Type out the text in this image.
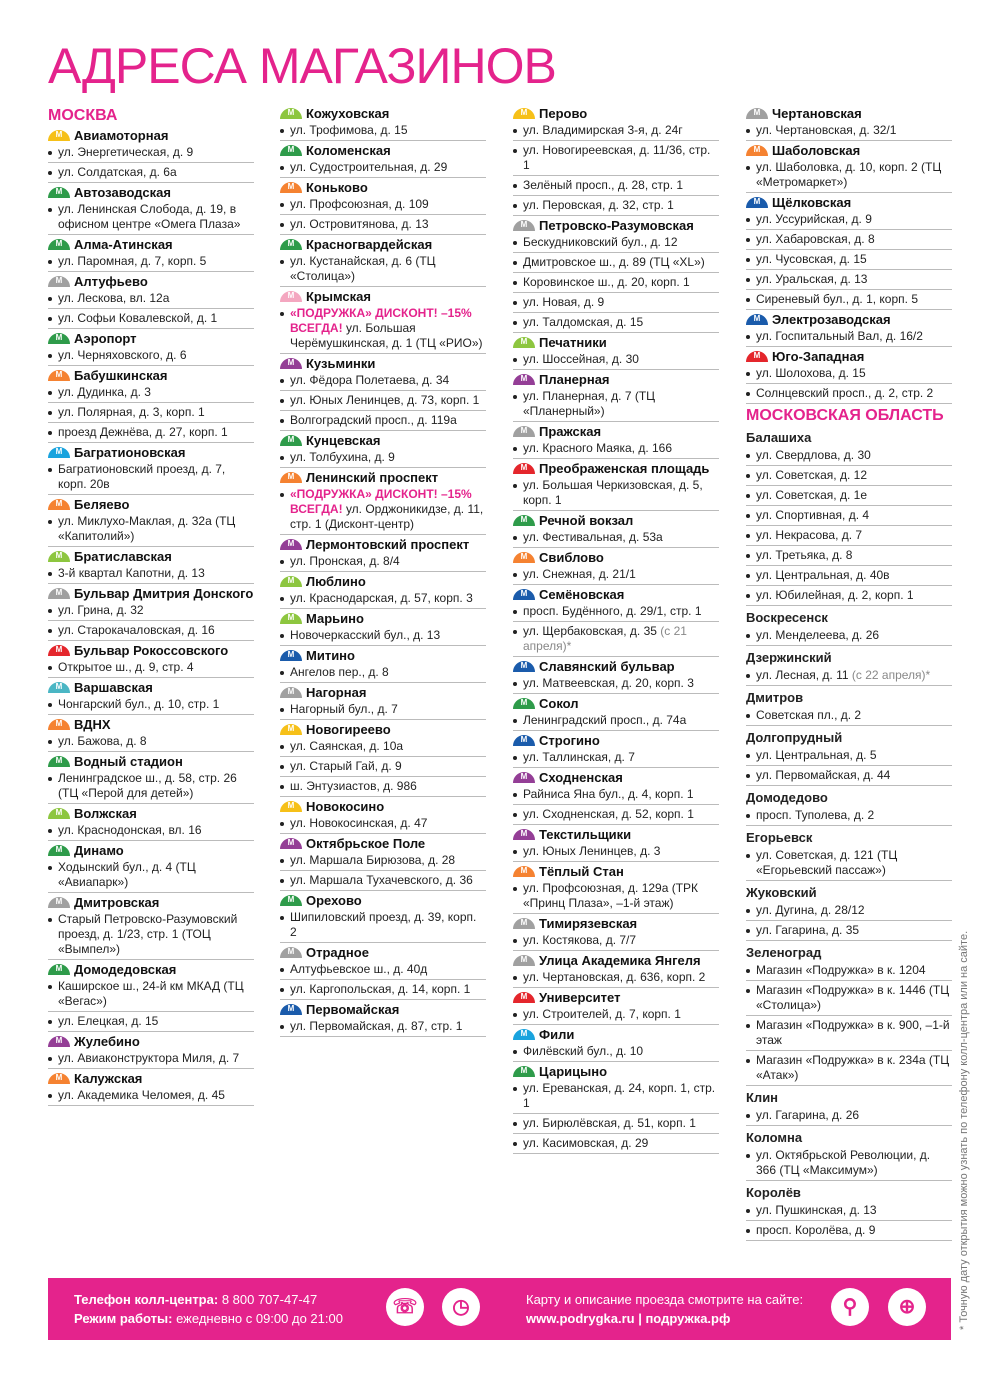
АДРЕСА МАГАЗИНОВ
МОСКВА
M
Авиамоторная
ул. Энергетическая, д. 9
ул. Солдатская, д. 6а
M
Автозаводская
ул. Ленинская Слобода, д. 19, в офисном центре «Омега Плаза»
M
Алма-Атинская
ул. Паромная, д. 7, корп. 5
M
Алтуфьево
ул. Лескова, вл. 12а
ул. Софьи Ковалевской, д. 1
M
Аэропорт
ул. Черняховского, д. 6
M
Бабушкинская
ул. Дудинка, д. 3
ул. Полярная, д. 3, корп. 1
проезд Дежнёва, д. 27, корп. 1
M
Багратионовская
Багратионовский проезд, д. 7, корп. 20в
M
Беляево
ул. Миклухо-Маклая, д. 32а (ТЦ «Капитолий»)
M
Братиславская
3-й квартал Капотни, д. 13
M
Бульвар Дмитрия Донского
ул. Грина, д. 32
ул. Старокачаловская, д. 16
M
Бульвар Рокоссовского
Открытое ш., д. 9, стр. 4
M
Варшавская
Чонгарский бул., д. 10, стр. 1
M
ВДНХ
ул. Бажова, д. 8
M
Водный стадион
Ленинградское ш., д. 58, стр. 26 (ТЦ «Перой для детей»)
M
Волжская
ул. Краснодонская, вл. 16
M
Динамо
Ходынский бул., д. 4 (ТЦ «Авиапарк»)
M
Дмитровская
Старый Петровско-Разумовский проезд, д. 1/23, стр. 1 (ТОЦ «Вымпел»)
M
Домодедовская
Каширское ш., 24-й км МКАД (ТЦ «Вегас»)
ул. Елецкая, д. 15
M
Жулебино
ул. Авиаконструктора Миля, д. 7
M
Калужская
ул. Академика Челомея, д. 45
M
Кожуховская
ул. Трофимова, д. 15
M
Коломенская
ул. Судостроительная, д. 29
M
Коньково
ул. Профсоюзная, д. 109
ул. Островитянова, д. 13
M
Красногвардейская
ул. Кустанайская, д. 6 (ТЦ «Столица»)
M
Крымская
«ПОДРУЖКА» ДИСКОНТ! –15% ВСЕГДА! ул. Большая Черёмушкинская, д. 1 (ТЦ «РИО»)
M
Кузьминки
ул. Фёдора Полетаева, д. 34
ул. Юных Ленинцев, д. 73, корп. 1
Волгоградский просп., д. 119а
M
Кунцевская
ул. Толбухина, д. 9
M
Ленинский проспект
«ПОДРУЖКА» ДИСКОНТ! –15% ВСЕГДА! ул. Орджоникидзе, д. 11, стр. 1 (Дисконт-центр)
M
Лермонтовский проспект
ул. Пронская, д. 8/4
M
Люблино
ул. Краснодарская, д. 57, корп. 3
M
Марьино
Новочеркасский бул., д. 13
M
Митино
Ангелов пер., д. 8
M
Нагорная
Нагорный бул., д. 7
M
Новогиреево
ул. Саянская, д. 10а
ул. Старый Гай, д. 9
ш. Энтузиастов, д. 986
M
Новокосино
ул. Новокосинская, д. 47
M
Октябрьское Поле
ул. Маршала Бирюзова, д. 28
ул. Маршала Тухачевского, д. 36
M
Орехово
Шипиловский проезд, д. 39, корп. 2
M
Отрадное
Алтуфьевское ш., д. 40д
ул. Каргопольская, д. 14, корп. 1
M
Первомайская
ул. Первомайская, д. 87, стр. 1
M
Перово
ул. Владимирская 3-я, д. 24г
ул. Новогиреевская, д. 11/36, стр. 1
Зелёный просп., д. 28, стр. 1
ул. Перовская, д. 32, стр. 1
M
Петровско-Разумовская
Бескудниковский бул., д. 12
Дмитровское ш., д. 89 (ТЦ «XL»)
Коровинское ш., д. 20, корп. 1
ул. Новая, д. 9
ул. Талдомская, д. 15
M
Печатники
ул. Шоссейная, д. 30
M
Планерная
ул. Планерная, д. 7 (ТЦ «Планерный»)
M
Пражская
ул. Красного Маяка, д. 166
M
Преображенская площадь
ул. Большая Черкизовская, д. 5, корп. 1
M
Речной вокзал
ул. Фестивальная, д. 53а
M
Свиблово
ул. Снежная, д. 21/1
M
Семёновская
просп. Будённого, д. 29/1, стр. 1
ул. Щербаковская, д. 35 (с 21 апреля)*
M
Славянский бульвар
ул. Матвеевская, д. 20, корп. 3
M
Сокол
Ленинградский просп., д. 74а
M
Строгино
ул. Таллинская, д. 7
M
Сходненская
Райниса Яна бул., д. 4, корп. 1
ул. Сходненская, д. 52, корп. 1
M
Текстильщики
ул. Юных Ленинцев, д. 3
M
Тёплый Стан
ул. Профсоюзная, д. 129а (ТРК «Принц Плаза», –1-й этаж)
M
Тимирязевская
ул. Костякова, д. 7/7
M
Улица Академика Янгеля
ул. Чертановская, д. 636, корп. 2
M
Университет
ул. Строителей, д. 7, корп. 1
M
Фили
Филёвский бул., д. 10
M
Царицыно
ул. Ереванская, д. 24, корп. 1, стр. 1
ул. Бирюлёвская, д. 51, корп. 1
ул. Касимовская, д. 29
M
Чертановская
ул. Чертановская, д. 32/1
M
Шаболовская
ул. Шаболовка, д. 10, корп. 2 (ТЦ «Метромаркет»)
M
Щёлковская
ул. Уссурийская, д. 9
ул. Хабаровская, д. 8
ул. Чусовская, д. 15
ул. Уральская, д. 13
Сиреневый бул., д. 1, корп. 5
M
Электрозаводская
ул. Госпитальный Вал, д. 16/2
M
Юго-Западная
ул. Шолохова, д. 15
Солнцевский просп., д. 2, стр. 2
МОСКОВСКАЯ ОБЛАСТЬ
Балашиха
ул. Свердлова, д. 30
ул. Советская, д. 12
ул. Советская, д. 1е
ул. Спортивная, д. 4
ул. Некрасова, д. 7
ул. Третьяка, д. 8
ул. Центральная, д. 40в
ул. Юбилейная, д. 2, корп. 1
Воскресенск
ул. Менделеева, д. 26
Дзержинский
ул. Лесная, д. 11 (с 22 апреля)*
Дмитров
Советская пл., д. 2
Долгопрудный
ул. Центральная, д. 5
ул. Первомайская, д. 44
Домодедово
просп. Туполева, д. 2
Егорьевск
ул. Советская, д. 121 (ТЦ «Егорьевский пассаж»)
Жуковский
ул. Дугина, д. 28/12
ул. Гагарина, д. 35
Зеленоград
Магазин «Подружка» в к. 1204
Магазин «Подружка» в к. 1446 (ТЦ «Столица»)
Магазин «Подружка» в к. 900, –1-й этаж
Магазин «Подружка» в к. 234а (ТЦ «Атак»)
Клин
ул. Гагарина, д. 26
Коломна
ул. Октябрьской Революции, д. 366 (ТЦ «Максимум»)
Королёв
ул. Пушкинская, д. 13
просп. Королёва, д. 9
Телефон колл-центра: 8 800 707-47-47
Режим работы: ежедневно с 09:00 до 21:00
☏	◷	Карту и описание проезда смотрите на сайте:
www.podrygka.ru | подружка.рф
⚲	⊕	* Точную дату открытия можно узнать по телефону колл-центра или на сайте.
